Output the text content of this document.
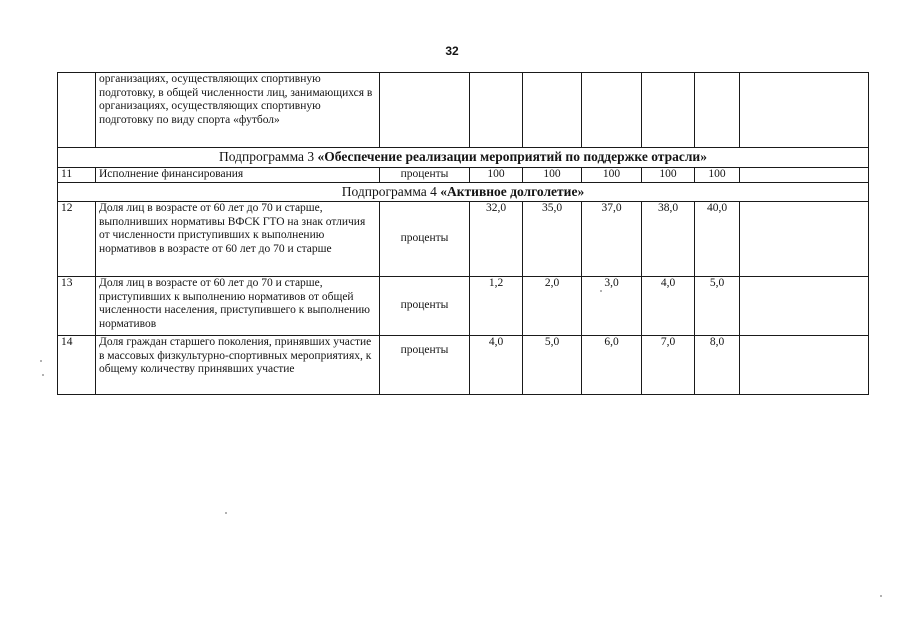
32
	организациях, осуществляющих спортивную подготовку, в общей численности лиц, занимающихся в организациях, осуществляющих спортивную подготовку по виду спорта «футбол»							
Подпрограмма 3 «Обеспечение реализации мероприятий по поддержке отрасли»								
11	Исполнение финансирования	проценты	100	100	100	100	100	
Подпрограмма 4 «Активное долголетие»								
12	Доля лиц в возрасте от 60 лет до 70 и старше, выполнивших нормативы ВФСК ГТО на знак отличия от численности приступивших к выполнению нормативов в возрасте от 60 лет до 70 и старше	проценты	32,0	35,0	37,0	38,0	40,0	
13	Доля лиц в возрасте от 60 лет до 70 и старше, приступивших к выполнению нормативов от общей численности населения, приступившего к выполнению нормативов	проценты	1,2	2,0	3,0	4,0	5,0	
14	Доля граждан старшего поколения, принявших участие в массовых физкультурно-спортивных мероприятиях, к общему количеству принявших участие	проценты	4,0	5,0	6,0	7,0	8,0	
